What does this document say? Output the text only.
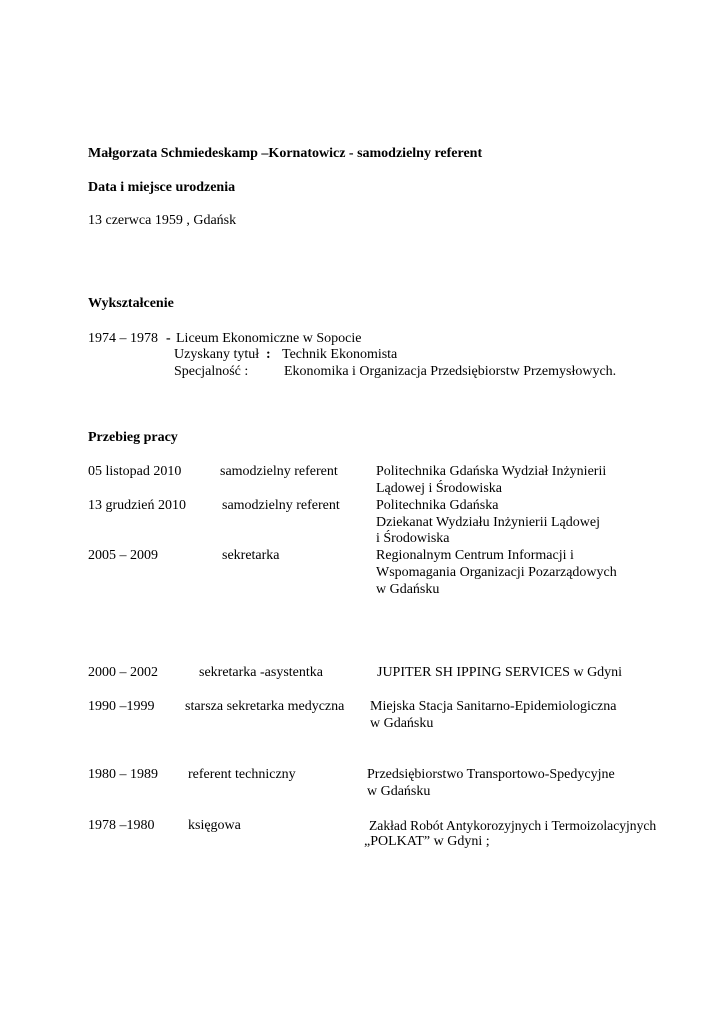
Małgorzata Schmiedeskamp –Kornatowicz - samodzielny referent
Data i miejsce urodzenia
13 czerwca 1959 , Gdańsk
Wykształcenie
1974 – 1978 - Liceum Ekonomiczne w Sopocie
Uzyskany tytuł : Technik Ekonomista
Specjalność :	Ekonomika i Organizacja Przedsiębiorstw Przemysłowych.
Przebieg pracy
05 listopad 2010	samodzielny referent	Politechnika Gdańska Wydział Inżynierii
Lądowej i Środowiska
13 grudzień 2010	samodzielny referent	Politechnika Gdańska
Dziekanat Wydziału Inżynierii Lądowej
i Środowiska
2005 – 2009	sekretarka	Regionalnym Centrum Informacji i
Wspomagania Organizacji Pozarządowych
w Gdańsku
2000 – 2002	sekretarka -asystentka	JUPITER SH IPPING SERVICES w Gdyni
1990 –1999 starsza sekretarka medyczna Miejska Stacja Sanitarno-Epidemiologiczna
w Gdańsku
1980 – 1989 referent techniczny	Przedsiębiorstwo Transportowo-Spedycyjne
w Gdańsku
1978 –1980 księgowa	Zakład Robót Antykorozyjnych i Termoizolacyjnych
„POLKAT” w Gdyni ;
